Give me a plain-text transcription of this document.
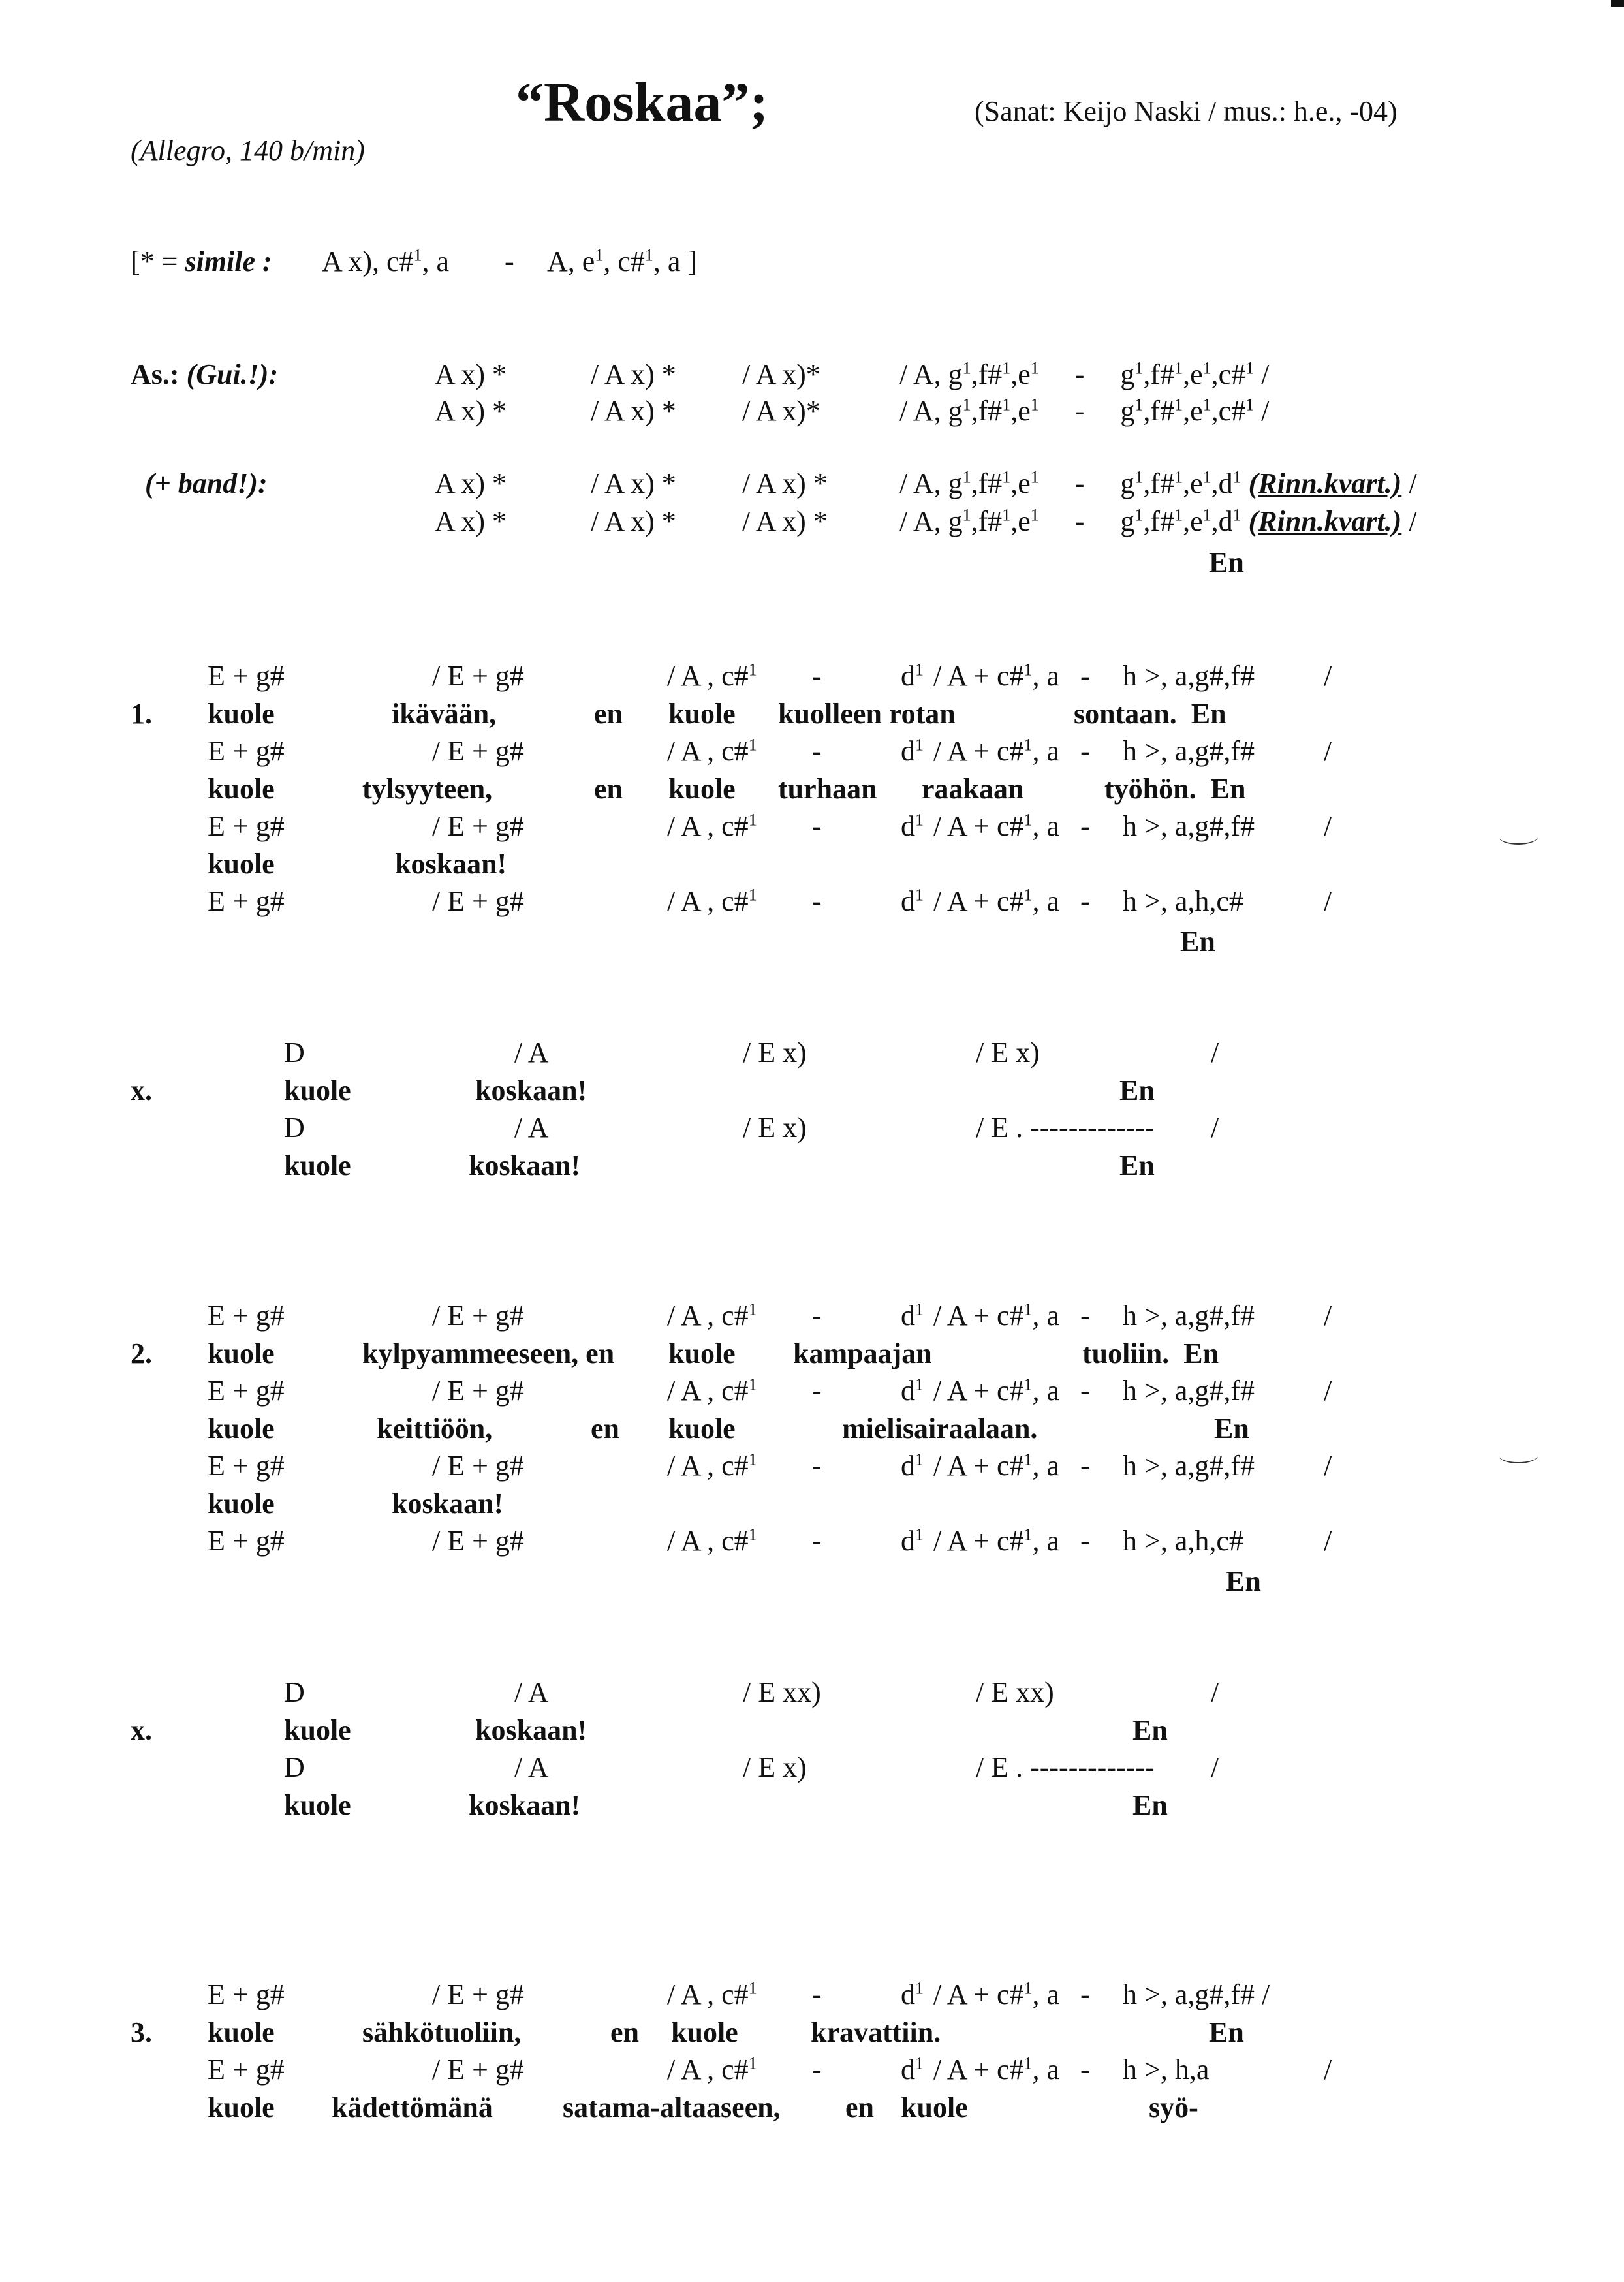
“Roskaa”;	(Sanat: Keijo Naski / mus.: h.e., -04)
(Allegro, 140 b/min)
[* = simile : A x), c#$^1$, a - A, $e^1$, c#$^1$, a ]
As.: (Gui.!):
(+ band!):
A x) *	/ A x) * / A x)*	/ A, $g^1,f\#^1,e^1$ - $g^1,f\#^1,e^1,c\#^1$ /
A x) *	/ A x) * / A x)*	/ A, $g^1,f\#^1,e^1$ - $g^1,f\#^1,e^1,c\#^1$ /
A x) *	/ A x) * / A x) *	/ A, $g^1,f\#^1,e^1$ - $g^1,f\#^1,e^1,d^1$ (Rinn.kvart.) /
A x) *	/ A x) * / A x) *	/ A, $g^1,f\#^1,e^1$ - $g^1,f\#^1,e^1,d^1$ (Rinn.kvart.) /
En
E + g#	/ E + g#	/ A , c#$^1$ -	$d^1$ / A + c#$^1$, a - h >, a,g#,f# /
1. kuole	ikävään,	en kuole kuolleen rotan	sontaan.  En
E + g#	/ E + g#	/ A , c#$^1$ -	$d^1$ / A + c#$^1$, a - h >, a,g#,f# /
kuole	tylsyyteen,	en kuole turhaan raakaan	työhön.  En
E + g#	/ E + g#	/ A , c#$^1$ -	$d^1$ / A + c#$^1$, a - h >, a,g#,f# /
kuole	koskaan!
E + g#	/ E + g#	/ A , c#$^1$ -	$d^1$ / A + c#$^1$, a - h >, a,h,c#	/
En
D	/ A	/ E x)	/ E x)	/
x.	kuole	koskaan!	En
D	/ A	/ E x)	/ E . ------------- /
kuole	koskaan!	En
E + g#	/ E + g#	/ A , c#$^1$ -	$d^1$ / A + c#$^1$, a - h >, a,g#,f# /
2. kuole	kylpyammeeseen, en kuole kampaajan	tuoliin.  En
E + g#	/ E + g#	/ A , c#$^1$ -	$d^1$ / A + c#$^1$, a - h >, a,g#,f# /
kuole	keittiöön,	en kuole	mielisairaalaan.	En
E + g#	/ E + g#	/ A , c#$^1$ -	$d^1$ / A + c#$^1$, a - h >, a,g#,f# /
kuole	koskaan!
E + g#	/ E + g#	/ A , c#$^1$ -	$d^1$ / A + c#$^1$, a - h >, a,h,c#	/
En
D	/ A	/ E xx)	/ E xx)	/
x.	kuole	koskaan!	En
D	/ A	/ E x)	/ E . ------------- /
kuole	koskaan!	En
E + g#	/ E + g#	/ A , c#$^1$ -	$d^1$ / A + c#$^1$, a - h >, a,g#,f# /
3. kuole	sähkötuoliin,	en kuole	kravattiin.	En
E + g#	/ E + g#	/ A , c#$^1$ -	$d^1$ / A + c#$^1$, a - h >, h,a	/
kuole kädettömänä satama-altaaseen, en kuole	syö-
